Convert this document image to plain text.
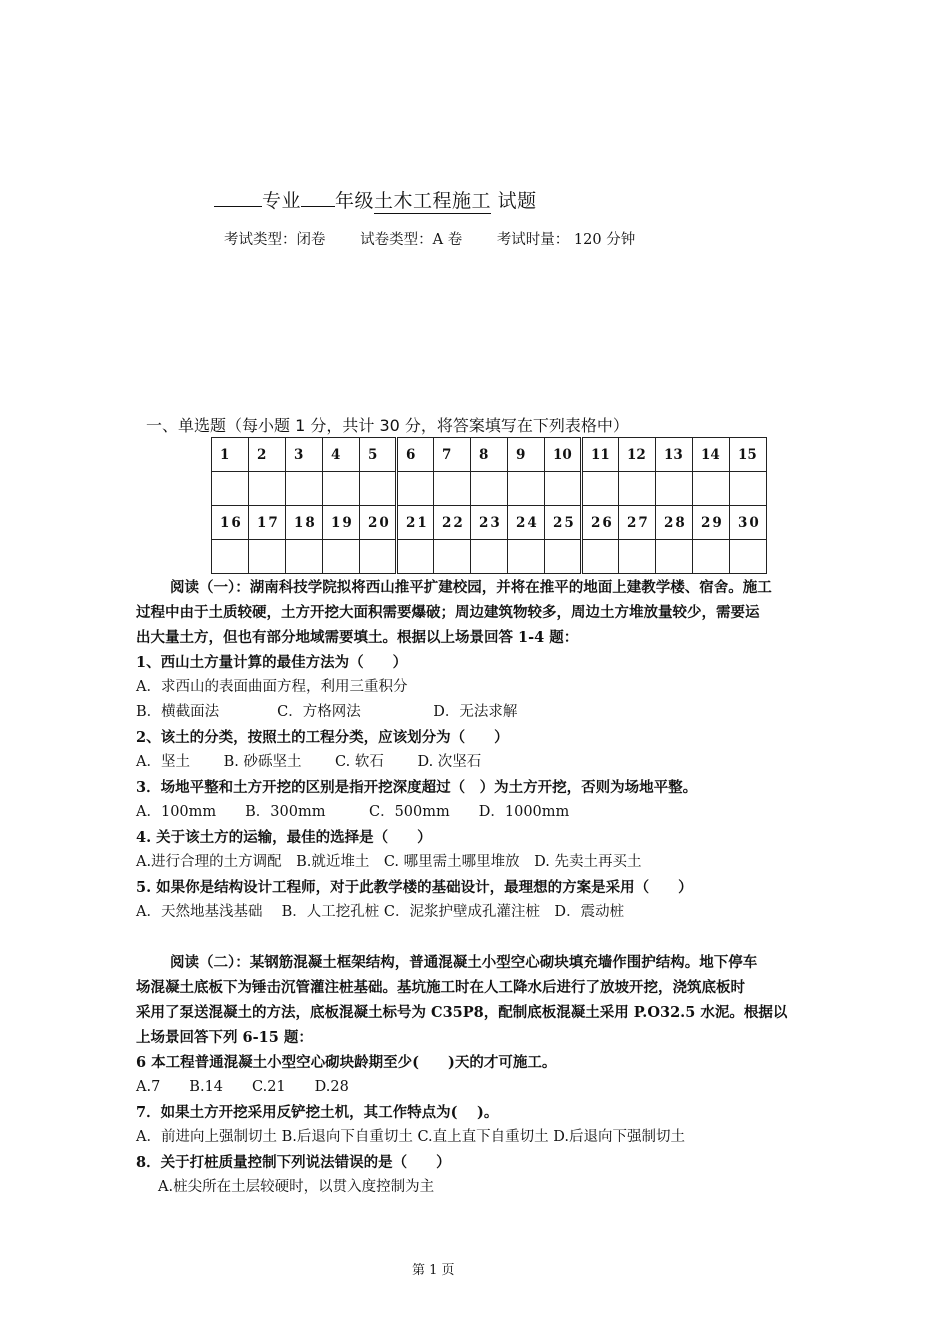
专业 年级土木工程施工 试题
考试类型：闭卷 试卷类型：A 卷 考试时量： 120 分钟
一、单选题（每小题 1 分，共计 30 分，将答案填写在下列表格中）
1	2	3	4	5	6	7	8	9	10	11	12	13	14	15

16	17	18	19	20	21	22	23	24	25	26	27	28	29	30

阅读（一）：湖南科技学院拟将西山推平扩建校园，并将在推平的地面上建教学楼、宿舍。施工
过程中由于土质较硬，土方开挖大面积需要爆破；周边建筑物较多，周边土方堆放量较少，需要运
出大量土方，但也有部分地域需要填土。根据以上场景回答 1-4 题：
1、西山土方量计算的最佳方法为（　　）
A．求西山的表面曲面方程，利用三重积分
B．横截面法　　　　C．方格网法　　　　　D．无法求解
2、该土的分类，按照土的工程分类，应该划分为（　　）
A．坚土　　 B. 砂砾坚土　　 C. 软石　　 D. 次坚石
3．场地平整和土方开挖的区别是指开挖深度超过（　）为土方开挖，否则为场地平整。
A．100mm　　B．300mm　　　C．500mm　　D．1000mm
4. 关于该土方的运输，最佳的选择是（　　）
A.进行合理的土方调配　B.就近堆土　C. 哪里需土哪里堆放　D. 先卖土再买土
5. 如果你是结构设计工程师，对于此教学楼的基础设计，最理想的方案是采用（　　）
A．天然地基浅基础　 B．人工挖孔桩 C．泥浆护壁成孔灌注桩　D．震动桩
阅读（二）：某钢筋混凝土框架结构，普通混凝土小型空心砌块填充墙作围护结构。地下停车
场混凝土底板下为锤击沉管灌注桩基础。基坑施工时在人工降水后进行了放坡开挖，浇筑底板时
采用了泵送混凝土的方法，底板混凝土标号为 C35P8，配制底板混凝土采用 P.O32.5 水泥。根据以
上场景回答下列 6-15 题：
6 本工程普通混凝土小型空心砌块龄期至少(　　)天的才可施工。
A.7　　B.14　　C.21　　D.28
7．如果土方开挖采用反铲挖土机，其工作特点为(　 )。
A．前进向上强制切土 B.后退向下自重切土 C.直上直下自重切土 D.后退向下强制切土
8．关于打桩质量控制下列说法错误的是（　　）
A.桩尖所在土层较硬时，以贯入度控制为主
第 1 页
